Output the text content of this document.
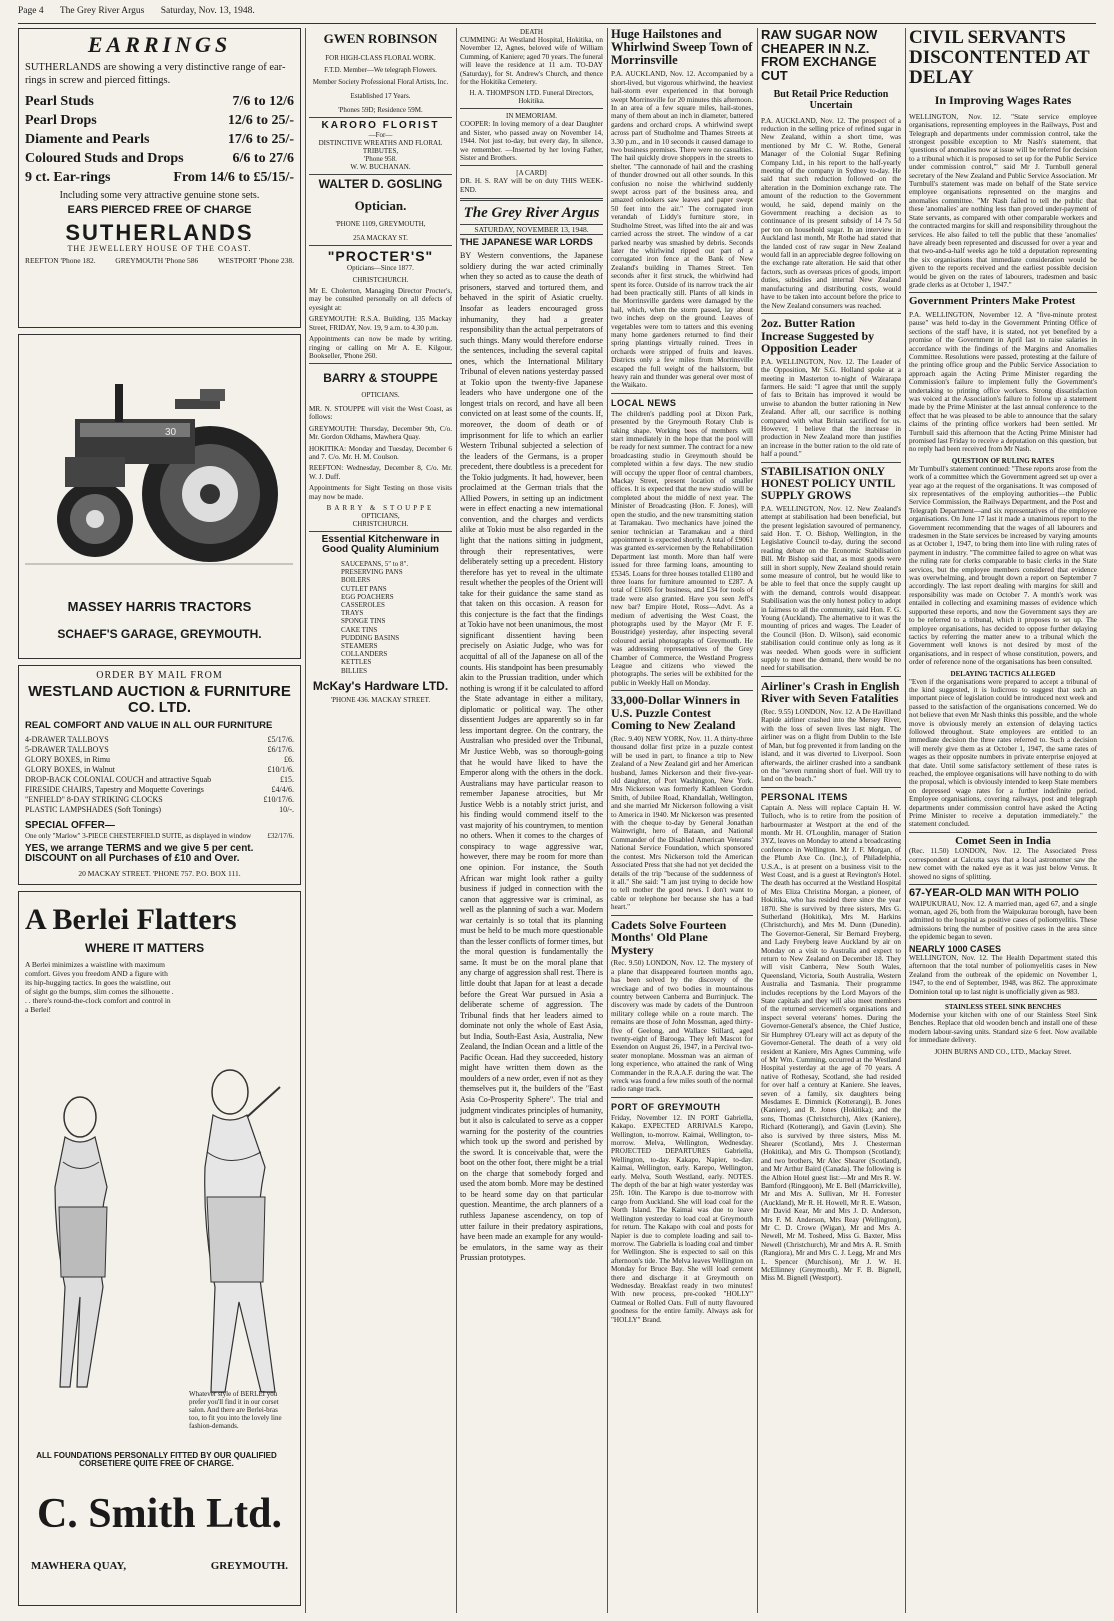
Page 4 The Grey River Argus Saturday, Nov. 13, 1948.
EARRINGS
SUTHERLANDS are showing a very distinctive range of ear-rings in screw and pierced fittings.
Pearl Studs	7/6 to 12/6
Pearl Drops	12/6 to 25/-
Diamente and Pearls	17/6 to 25/-
Coloured Studs and Drops	6/6 to 27/6
9 ct. Ear-rings	From 14/6 to £5/15/-
Including some very attractive genuine stone sets.
EARS PIERCED FREE OF CHARGE
SUTHERLANDS
THE JEWELLERY HOUSE OF THE COAST.
REEFTON 'Phone 182.	GREYMOUTH 'Phone 586	WESTPORT 'Phone 238.
30
MASSEY HARRIS TRACTORS
SCHAEF'S GARAGE, GREYMOUTH.
ORDER BY MAIL FROM
WESTLAND AUCTION & FURNITURE CO. LTD.
REAL COMFORT AND VALUE IN ALL OUR FURNITURE
4-DRAWER TALLBOYS	£5/17/6.
5-DRAWER TALLBOYS	£6/17/6.
GLORY BOXES, in Rimu	£6.
GLORY BOXES, in Walnut	£10/1/6.
DROP-BACK COLONIAL COUCH and attractive Squab	£15.
FIRESIDE CHAIRS, Tapestry and Moquette Coverings	£4/4/6.
"ENFIELD" 8-DAY STRIKING CLOCKS	£10/17/6.
PLASTIC LAMPSHADES (Soft Tonings)	10/-.
SPECIAL OFFER—
One only "Marlow" 3-PIECE CHESTERFIELD SUITE, as displayed in window £32/17/6.
YES, we arrange TERMS and we give 5 per cent. DISCOUNT on all Purchases of £10 and Over.
20 MACKAY STREET. 'PHONE 757. P.O. BOX 111.
A Berlei Flatters
WHERE IT MATTERS
A Berlei minimizes a waistline with maximum comfort. Gives you freedom AND a figure with its hip-hugging tactics. In goes the waistline, out of sight go the bumps, slim comes the silhouette . . . there's round-the-clock comfort and control in a Berlei!
Whatever style of BERLEI you prefer you'll find it in our corset salon. And there are Berlei-bras too, to fit you into the lovely line fashion-demands.
ALL FOUNDATIONS PERSONALLY FITTED BY OUR QUALIFIED CORSETIERE QUITE FREE OF CHARGE.
C. Smith Ltd.
MAWHERA QUAY,	GREYMOUTH.
GWEN ROBINSON
FOR HIGH-CLASS FLORAL WORK.
F.T.D. Member—We telegraph Flowers.
Member Society Professional Floral Artists, Inc.
Established 17 Years.
'Phones 59D; Residence 59M.
KARORO FLORIST
—For—
DISTINCTIVE WREATHS AND FLORAL TRIBUTES,
'Phone 958.
W. W. BUCHANAN.
WALTER D. GOSLING
Optician.
'PHONE 1109, GREYMOUTH,
25A MACKAY ST.
"PROCTER'S"
Opticians—Since 1877.
CHRISTCHURCH.
Mr E. Cholerton, Managing Director Procter's, may be consulted personally on all defects of eyesight at:
GREYMOUTH: R.S.A. Building, 135 Mackay Street, FRIDAY, Nov. 19, 9 a.m. to 4.30 p.m.
Appointments can now be made by writing, ringing or calling on Mr A. E. Kilgour, Bookseller, 'Phone 260.
BARRY & STOUPPE
OPTICIANS.
MR. N. STOUPPE will visit the West Coast, as follows:
GREYMOUTH: Thursday, December 9th, C/o. Mr. Gordon Oldhams, Mawhera Quay.
HOKITIKA: Monday and Tuesday, December 6 and 7. C/o. Mr. H. M. Coulson.
REEFTON: Wednesday, December 8, C/o. Mr. W. J. Duff.
Appointments for Sight Testing on those visits may now be made.
BARRY & STOUPPE
OPTICIANS,
CHRISTCHURCH.
Essential Kitchenware in Good Quality Aluminium
SAUCEPANS, 5" to 8".
PRESERVING PANS
BOILERS
CUTLET PANS
EGG POACHERS
CASSEROLES
TRAYS
SPONGE TINS
CAKE TINS
PUDDING BASINS
STEAMERS
COLLANDERS
KETTLES
BILLIES
McKay's Hardware LTD.
'PHONE 436. MACKAY STREET.
DEATH
CUMMING: At Westland Hospital, Hokitika, on November 12, Agnes, beloved wife of William Cumming, of Kaniere; aged 70 years. The funeral will leave the residence at 11 a.m. TO-DAY (Saturday), for St. Andrew's Church, and thence for the Hokitika Cemetery.
H. A. THOMPSON LTD. Funeral Directors, Hokitika.
IN MEMORIAM.
COOPER: In loving memory of a dear Daughter and Sister, who passed away on November 14, 1944. Not just to-day, but every day, In silence, we remember. —Inserted by her loving Father, Sister and Brothers.
[A CARD]
DR. H. S. RAY will be on duty THIS WEEK-END.
The Grey River Argus
SATURDAY, NOVEMBER 13, 1948.
THE JAPANESE WAR LORDS
BY Western conventions, the Japanese soldiery during the war acted criminally when they so acted as to cause the death of prisoners, starved and tortured them, and behaved in the spirit of Asiatic cruelty. Insofar as leaders encouraged gross inhumanity, they had a greater responsibility than the actual perpetrators of such things. Many would therefore endorse the sentences, including the several capital ones, which the International Military Tribunal of eleven nations yesterday passed at Tokio upon the twenty-five Japanese leaders who have undergone one of the longest trials on record, and have all been convicted on at least some of the counts. If, moreover, the doom of death or of imprisonment for life to which an earlier Western Tribunal subjected a selection of the leaders of the Germans, is a proper precedent, there doubtless is a precedent for the Tokio judgments. It had, however, been proclaimed at the German trials that the Allied Powers, in setting up an indictment were in effect enacting a new international convention, and the charges and verdicts alike at Tokio must be also regarded in the light that the nations sitting in judgment, through their representatives, were deliberately setting up a precedent. History therefore has yet to reveal in the ultimate result whether the peoples of the Orient will take for their guidance the same stand as that taken on this occasion. A reason for this conjecture is the fact that the findings at Tokio have not been unanimous, the most significant dissentient having been precisely on Asiatic Judge, who was for acquittal of all of the Japanese on all of the counts. His standpoint has been presumably akin to the Prussian tradition, under which nothing is wrong if it be calculated to afford the State advantage in either a military, diplomatic or political way. The other dissentient Judges are apparently so in far less important degree. On the contrary, the Australian who presided over the Tribunal, Mr Justice Webb, was so thorough-going that he would have liked to have the Emperor along with the others in the dock. Australians may have particular reason to remember Japanese atrocities, but Mr Justice Webb is a notably strict jurist, and his finding would commend itself to the vast majority of his countrymen, to mention no others. When it comes to the charges of conspiracy to wage aggressive war, however, there may be room for more than one opinion. For instance, the South African war might look rather a guilty business if judged in connection with the canon that aggressive war is criminal, as well as the planning of such a war. Modern war certainly is so total that its planning must be held to be much more questionable than the lesser conflicts of former times, but the moral question is fundamentally the same. It must be on the moral plane that any charge of aggression shall rest. There is little doubt that Japan for at least a decade before the Great War pursued in Asia a deliberate scheme of aggression. The Tribunal finds that her leaders aimed to dominate not only the whole of East Asia, but India, South-East Asia, Australia, New Zealand, the Indian Ocean and a little of the Pacific Ocean. Had they succeeded, history might have written them down as the moulders of a new order, even if not as they themselves put it, the builders of the "East Asia Co-Prosperity Sphere". The trial and judgment vindicates principles of humanity, but it also is calculated to serve as a copper warning for the posterity of the countries which took up the sword and perished by the sword. It is conceivable that, were the boot on the other foot, there might be a trial on the charge that somebody forged and used the atom bomb. More may be destined to be heard some day on that particular question. Meantime, the arch planners of a ruthless Japanese ascendency, on top of utter failure in their predatory aspirations, have been made an example for any would-be emulators, in the same way as their Prussian prototypes.
Huge Hailstones and Whirlwind Sweep Town of Morrinsville
P.A. AUCKLAND, Nov. 12. Accompanied by a short-lived, but vigorous whirlwind, the heaviest hail-storm ever experienced in that borough swept Morrinsville for 20 minutes this afternoon. In an area of a few square miles, hail-stones, many of them about an inch in diameter, battered gardens and orchard crops. A whirlwind swept across part of Studholme and Thames Streets at 3.30 p.m., and in 10 seconds it caused damage to two business premises. There were no casualties. The hail quickly drove shoppers in the streets to shelter. "The cannonade of hail and the crashing of thunder drowned out all other sounds. In this confusion no noise the whirlwind suddenly swept across part of the business area, and amazed onlookers saw leaves and paper swept 50 feet into the air." The corrugated iron verandah of Liddy's furniture store, in Studholme Street, was lifted into the air and was carried across the street. The window of a car parked nearby was smashed by debris. Seconds later the whirlwind ripped out part of a corrugated iron fence at the Bank of New Zealand's building in Thames Street. Ten seconds after it first struck, the whirlwind had spent its force. Outside of its narrow track the air had been practically still. Plants of all kinds in the Morrinsville gardens were damaged by the hail, which, when the storm passed, lay about two inches deep on the ground. Leaves of vegetables were torn to tatters and this evening many home gardeners returned to find their spring plantings virtually ruined. Trees in orchards were stripped of fruits and leaves. Districts only a few miles from Morrinsville escaped the full weight of the hailstorm, but heavy rain and thunder was general over most of the Waikato.
LOCAL NEWS
The children's paddling pool at Dixon Park, presented by the Greymouth Rotary Club is taking shape. Working bees of members will start immediately in the hope that the pool will be ready for next summer. The contract for a new broadcasting studio in Greymouth should be completed within a few days. The new studio will occupy the upper floor of central chambers, Mackay Street, present location of smaller offices. It is expected that the new studio will be completed about the middle of next year. The Minister of Broadcasting (Hon. F. Jones), will open the studio, and the new transmitting station at Taramakau. Two mechanics have joined the senior technician at Taramakau and a third appointment is expected shortly. A total of £9061 was granted ex-servicemen by the Rehabilitation Department last month. More than half were issued for three farming loans, amounting to £5345. Loans for three houses totalled £1180 and three loans for furniture amounted to £287. A total of £1605 for business, and £34 for tools of trade were also granted. Have you seen Jeff's new bar? Empire Hotel, Ross—Advt. As a medium of advertising the West Coast, the photographs used by the Mayor (Mr F. F. Boustridge) yesterday, after inspecting several coloured aerial photographs of Greymouth. He was addressing representatives of the Grey Chamber of Commerce, the Westland Progress League and citizens who viewed the photographs. The series will be exhibited for the public in Weekly Hall on Monday.
33,000-Dollar Winners in U.S. Puzzle Contest Coming to New Zealand
(Rec. 9.40) NEW YORK, Nov. 11. A thirty-three thousand dollar first prize in a puzzle contest will be used in part, to finance a trip to New Zealand of a New Zealand girl and her American husband, James Nickerson and their five-year-old daughter, of Port Washington, New York. Mrs Nickerson was formerly Kathleen Gordon Smith, of Jubilee Road, Khandallah, Wellington, and she married Mr Nickerson following a visit to America in 1940. Mr Nickerson was presented with the cheque to-day by General Jonathan Wainwright, hero of Bataan, and National Commander of the Disabled American Veterans' National Service Foundation, which sponsored the contest. Mrs Nickerson told the American Associated Press that she had not yet decided the details of the trip "because of the suddenness of it all." She said: "I am just trying to decide how to tell mother the good news. I don't want to cable or telephone her because she has a bad heart."
Cadets Solve Fourteen Months' Old Plane Mystery
(Rec. 9.50) LONDON, Nov. 12. The mystery of a plane that disappeared fourteen months ago, has been solved by the discovery of the wreckage and of two bodies in mountainous country between Canberra and Burrinjuck. The discovery was made by cadets of the Duntroon military college while on a route march. The remains are those of John Mossman, aged thirty-five of Geelong, and Wallace Stillard, aged twenty-eight of Barooga. They left Mascot for Essendon on August 26, 1947, in a Percival two-seater monoplane. Mossman was an airman of long experience, who attained the rank of Wing Commander in the R.A.A.F. during the war. The wreck was found a few miles south of the normal radio range track.
PORT OF GREYMOUTH
Friday, November 12. IN PORT Gabriella, Kakapo. EXPECTED ARRIVALS Karepo, Wellington, to-morrow. Kaimai, Wellington, to-morrow. Melva, Wellington, Wednesday. PROJECTED DEPARTURES Gabriella, Wellington, to-day. Kakapo, Napier, to-day. Kaimai, Wellington, early. Karepo, Wellington, early. Melva, South Westland, early. NOTES. The depth of the bar at high water yesterday was 25ft. 10in. The Karepo is due to-morrow with cargo from Auckland. She will load coal for the North Island. The Kaimai was due to leave Wellington yesterday to load coal at Greymouth for return. The Kakapo with coal and posts for Napier is due to complete loading and sail to-morrow. The Gabriella is loading coal and timber for Wellington. She is expected to sail on this afternoon's tide. The Melva leaves Wellington on Monday for Bruce Bay. She will load cement there and discharge it at Greymouth on Wednesday. Breakfast ready in two minutes! With new process, pre-cooked "HOLLY" Oatmeal or Rolled Oats. Full of nutty flavoured goodness for the entire family. Always ask for "HOLLY" Brand.
RAW SUGAR NOW CHEAPER IN N.Z. FROM EXCHANGE CUT
But Retail Price Reduction Uncertain
P.A. AUCKLAND, Nov. 12. The prospect of a reduction in the selling price of refined sugar in New Zealand, within a short time, was mentioned by Mr C. W. Rothe, General Manager of the Colonial Sugar Refining Company Ltd., in his report to the half-yearly meeting of the company in Sydney to-day. He said that such reduction followed on the alteration in the Dominion exchange rate. The amount of the reduction to the Government would, he said, depend mainly on the Government reaching a decision as to continuance of its present subsidy of 14 7s 5d per ton on household sugar. In an interview in Auckland last month, Mr Rothe had stated that the landed cost of raw sugar in New Zealand would fall in an appreciable degree following on the exchange rate alteration. He said that other factors, such as overseas prices of goods, import duties, subsidies and internal New Zealand manufacturing and distributing costs, would have to be taken into account before the price to the New Zealand consumers was reached.
2oz. Butter Ration Increase Suggested by Opposition Leader
P.A. WELLINGTON, Nov. 12. The Leader of the Opposition, Mr S.G. Holland spoke at a meeting in Masterton to-night of Wairarapa farmers. He said: "I agree that until the supply of fats to Britain has improved it would be unwise to abandon the butter rationing in New Zealand. After all, our sacrifice is nothing compared with what Britain sacrificed for us. However, I believe that the increase in production in New Zealand more than justifies an increase in the butter ration to the old rate of half a pound."
STABILISATION ONLY HONEST POLICY UNTIL SUPPLY GROWS
P.A. WELLINGTON, Nov. 12. New Zealand's attempt at stabilisation had been beneficial, but the present legislation savoured of permanency, said Hon. T. O. Bishop, Wellington, in the Legislative Council to-day, during the second reading debate on the Economic Stabilisation Bill. Mr Bishop said that, as most goods were still in short supply, New Zealand should retain some measure of control, but he would like to be able to feel that once the supply caught up with the demand, controls would disappear. Stabilisation was the only honest policy to adopt in fairness to all the community, said Hon. F. G. Young (Auckland). The alternative to it was the mounting of prices and wages. The Leader of the Council (Hon. D. Wilson), said economic stabilisation could continue only as long as it was needed. When goods were in sufficient supply to meet the demand, there would be no need for stabilisation.
Airliner's Crash in English River with Seven Fatalities
(Rec. 9.55) LONDON, Nov. 12. A De Havilland Rapide airliner crashed into the Mersey River, with the loss of seven lives last night. The airliner was on a flight from Dublin to the Isle of Man, but fog prevented it from landing on the island, and it was diverted to Liverpool. Soon afterwards, the airliner crashed into a sandbank on the "seven running short of fuel. Will try to land on the beach."
PERSONAL ITEMS
Captain A. Ness will replace Captain H. W. Tulloch, who is to retire from the position of harbourmaster at Westport at the end of the month. Mr H. O'Loughlin, manager of Station 3YZ, leaves on Monday to attend a broadcasting conference in Wellington. Mr J. F. Morgan, of the Plumb Axe Co. (Inc.), of Philadelphia, U.S.A., is at present on a business visit to the West Coast, and is a guest at Revington's Hotel. The death has occurred at the Westland Hospital of Mrs Eliza Christina Morgan, a pioneer, of Hokitika, who has resided there since the year 1870. She is survived by three sisters, Mrs G. Sutherland (Hokitika), Mrs M. Harkins (Christchurch), and Mrs M. Dunn (Dunedin). The Governor-General, Sir Bernard Freyberg, and Lady Freyberg leave Auckland by air on Monday on a visit to Australia and expect to return to New Zealand on December 18. They will visit Canberra, New South Wales, Queensland, Victoria, South Australia, Western Australia and Tasmania. Their programme includes receptions by the Lord Mayors of the State capitals and they will also meet members of the returned servicemen's organisations and inspect several veterans' homes. During the Governor-General's absence, the Chief Justice, Sir Humphrey O'Leary will act as deputy of the Governor-General. The death of a very old resident at Kaniere, Mrs Agnes Cumming, wife of Mr Wm. Cumming, occurred at the Westland Hospital yesterday at the age of 70 years. A native of Rothesay, Scotland, she had resided for over half a century at Kaniere. She leaves, seven of a family, six daughters being Mesdames E. Dimmick (Kotterangi), B. Jones (Kaniere), and R. Jones (Hokitika); and the sons, Thomas (Christchurch), Alex (Kaniere), Richard (Kotterangi), and Gavin (Levin). She also is survived by three sisters, Miss M. Shearer (Scotland), Mrs J. Chesterman (Hokitika), and Mrs G. Thompson (Scotland); and two brothers, Mr Alec Shearer (Scotland), and Mr Arthur Baird (Canada). The following is the Albion Hotel guest list:—Mr and Mrs R. W. Bamford (Ringgoon), Mr E. Bell (Marrickville), Mr and Mrs A. Sullivan, Mr H. Forrester (Auckland), Mr R. H. Howell, Mr R. E. Watson, Mr David Kear, Mr and Mrs J. D. Anderson, Mrs F. M. Anderson, Mrs Reay (Wellington), Mr C. D. Crowe (Wigan), Mr and Mrs A. Newell, Mr M. Tosheed, Miss G. Baxter, Miss Newell (Christchurch), Mr and Mrs A. R. Smith (Rangiora), Mr and Mrs C. J. Legg, Mr and Mrs L. Spencer (Murchison), Mr J. W. H. McEllinney (Greymouth), Mr F. B. Bignell, Miss M. Bignell (Westport).
CIVIL SERVANTS DISCONTENTED AT DELAY
In Improving Wages Rates
WELLINGTON, Nov. 12. "State service employee organisations, representing employees in the Railways, Post and Telegraph and departments under commission control, take the strongest possible exception to Mr Nash's statement, that 'questions of anomalies now at issue will be referred for decision to a tribunal which it is proposed to set up for the Public Service under commission control,'" said Mr J. Turnbull general secretary of the New Zealand and Public Service Association. Mr Turnbull's statement was made on behalf of the State service employee organisations represented on the margins and anomalies committee. "Mr Nash failed to tell the public that these 'anomalies' are nothing less than proved under-payment of State servants, as compared with other comparable workers and the contracted margins for skill and responsibility throughout the services. He also failed to tell the public that these 'anomalies' have already been represented and discussed for over a year and that two-and-a-half weeks ago he told a deputation representing the six organisations that immediate consideration would be given to the reports received and the earliest possible decision would be given on the rates of labourers, tradesmen and basic grade clerks as at October 1, 1947."
Government Printers Make Protest
P.A. WELLINGTON, November 12. A "five-minute protest pause" was held to-day in the Government Printing Office of sections of the staff have, it is stated, not yet benefited by a promise of the Government in April last to raise salaries in accordance with the findings of the Margins and Anomalies Committee. Resolutions were passed, protesting at the failure of the printing office group and the Public Service Association to approach again the Acting Prime Minister regarding the Commission's failure to implement fully the Government's undertaking to printing office workers. Strong dissatisfaction was voiced at the Association's failure to follow up a statement made by the Prime Minister at the last annual conference to the effect that he was pleased to be able to announce that the salary claims of the printing office workers had been settled. Mr Turnbull said this afternoon that the Acting Prime Minister had promised last Friday to receive a deputation on this question, but no reply had been received from Mr Nash.
QUESTION OF RULING RATES
Mr Turnbull's statement continued: "These reports arose from the work of a committee which the Government agreed set up over a year ago at the request of the organisations. It was composed of six representatives of the employing authorities—the Public Service Commission, the Railways Department, and the Post and Telegraph Department—and six representatives of the employee organisations. On June 17 last it made a unanimous report to the Government recommending that the wages of all labourers and tradesmen in the State services be increased by varying amounts as at October 1, 1947, to bring them into line with ruling rates of payment in industry. "The committee failed to agree on what was the ruling rate for clerks comparable to basic clerks in the State services, but the employee members considered that evidence was overwhelming, and brought down a report on September 7 accordingly. The last report dealing with margins for skill and responsibility was made on October 7. A month's work was entailed in collecting and examining masses of evidence which supported these reports, and now the Government says they are to be referred to a tribunal, which it proposes to set up. The employee organisations, has decided to oppose further delaying tactics by referring the matter anew to a tribunal which the Government well knows is not desired by most of the organisations, and in respect of whose constitution, powers, and order of reference none of the organisations has been consulted.
DELAYING TACTICS ALLEGED
"Even if the organisations were prepared to accept a tribunal of the kind suggested, it is ludicrous to suggest that such an important piece of legislation could be introduced next week and passed to the satisfaction of the organisations concerned. We do not believe that even Mr Nash thinks this possible, and the whole move is obviously merely an extension of delaying tactics followed throughout. State employees are entitled to an immediate decision the three rates referred to. Such a decision will merely give them as at October 1, 1947, the same rates of wages as their opposite numbers in private enterprise enjoyed at that date. Until some satisfactory settlement of these rates is reached, the employee organisations will have nothing to do with the proposal, which is obviously intended to keep State members on depressed wage rates for a further indefinite period. Employee organisations, covering railways, post and telegraph departments under commission control have asked the Acting Prime Minister to receive a deputation immediately." the statement concluded.
Comet Seen in India
(Rec. 11.50) LONDON, Nov. 12. The Associated Press correspondent at Calcutta says that a local astronomer saw the new comet with the naked eye as it was just below Venus. It showed no signs of splitting.
67-YEAR-OLD MAN WITH POLIO
WAIPUKURAU, Nov. 12. A married man, aged 67, and a single woman, aged 26, both from the Waipukurau borough, have been admitted to the hospital as positive cases of poliomyelitis. These admissions bring the number of positive cases in the area since the epidemic began to seven.
NEARLY 1000 CASES
WELLINGTON, Nov. 12. The Health Department stated this afternoon that the total number of poliomyelitis cases in New Zealand from the outbreak of the epidemic on November 1, 1947, to the end of September, 1948, was 862. The approximate Dominion total up to last night is unofficially given as 983.
STAINLESS STEEL SINK BENCHES
Modernise your kitchen with one of our Stainless Steel Sink Benches. Replace that old wooden bench and install one of these modern labour-saving units. Standard size 6 feet. Now available for immediate delivery.
JOHN BURNS AND CO., LTD., Mackay Street.
